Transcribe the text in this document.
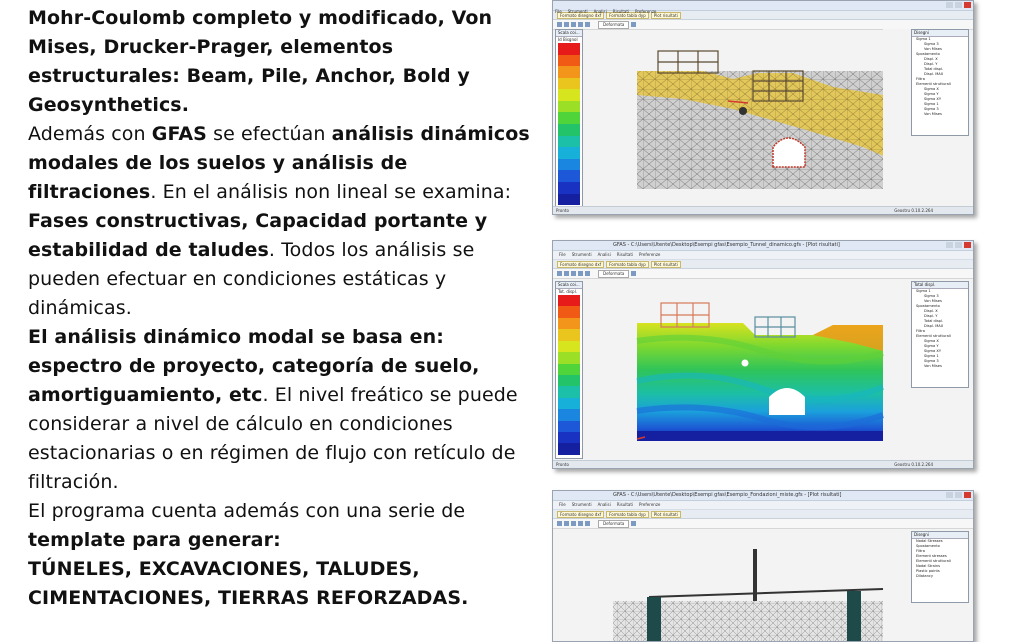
Mohr-Coulomb completo y modificado, Von Mises, Drucker-Prager, elementos estructurales: Beam, Pile, Anchor, Bold y Geosynthetics.

Además con GFAS se efectúan análisis dinámicos modales de los suelos y análisis de filtraciones. En el análisis non lineal se examina: Fases constructivas, Capacidad portante y estabilidad de taludes. Todos los análisis se pueden efectuar en condiciones estáticas y dinámicas.

El análisis dinámico modal se basa en: espectro de proyecto, categoría de suelo, amortiguamiento, etc. El nivel freático se puede considerar a nivel de cálculo en condiciones estacionarias o en régimen de flujo con retículo de filtración.

El programa cuenta además con una serie de template para generar:
TÚNELES, EXCAVACIONES, TALUDES,
CIMENTACIONES, TIERRAS REFORZADAS.

Formato disegno dxf	Formato tabla dyp	Plot risultati
Deformata
Scala coi...
Id Bisgnol
Disegni
Sigma 1
Sigma 3
Von Mises
Spostamento
Displ. X
Displ. Y
Total displ.
Displ. MAX
Filtra
Elementi strutturali
Sigma X
Sigma Y
Sigma XY
Sigma 1
Sigma 3
Von Mises
Pronto	Geostru 0.10.2.264
GFAS - C:\Users\Utente\Desktop\Esempi gfas\Esempio_Tunnel_dinamico.gfs - [Plot risultati]
File Strumenti Analisi Risultati Preferenze
Formato disegno dxf	Formato tabla dyp	Plot risultati
Deformata
Scala coi...
Tot. displ.
Total displ.
Sigma 1
Sigma 3
Von Mises
Spostamento
Displ. X
Displ. Y
Total displ.
Displ. MAX
Filtra
Elementi strutturali
Sigma X
Sigma Y
Sigma XY
Sigma 1
Sigma 3
Von Mises
Pronto	Geostru 0.10.2.264
GFAS - C:\Users\Utente\Desktop\Esempi gfas\Esempio_Fondazioni_miste.gfs - [Plot risultati]
File Strumenti Analisi Risultati Preferenze
Formato disegno dxf	Formato tabla dyp	Plot risultati
Deformata
Disegni
Nodal Stresses
Spostamento
Filtra
Element stresses
Elementi strutturali
Nodal Strains
Plastic points
Dilatancy
File Strumenti Analisi Risultati Preferenze
